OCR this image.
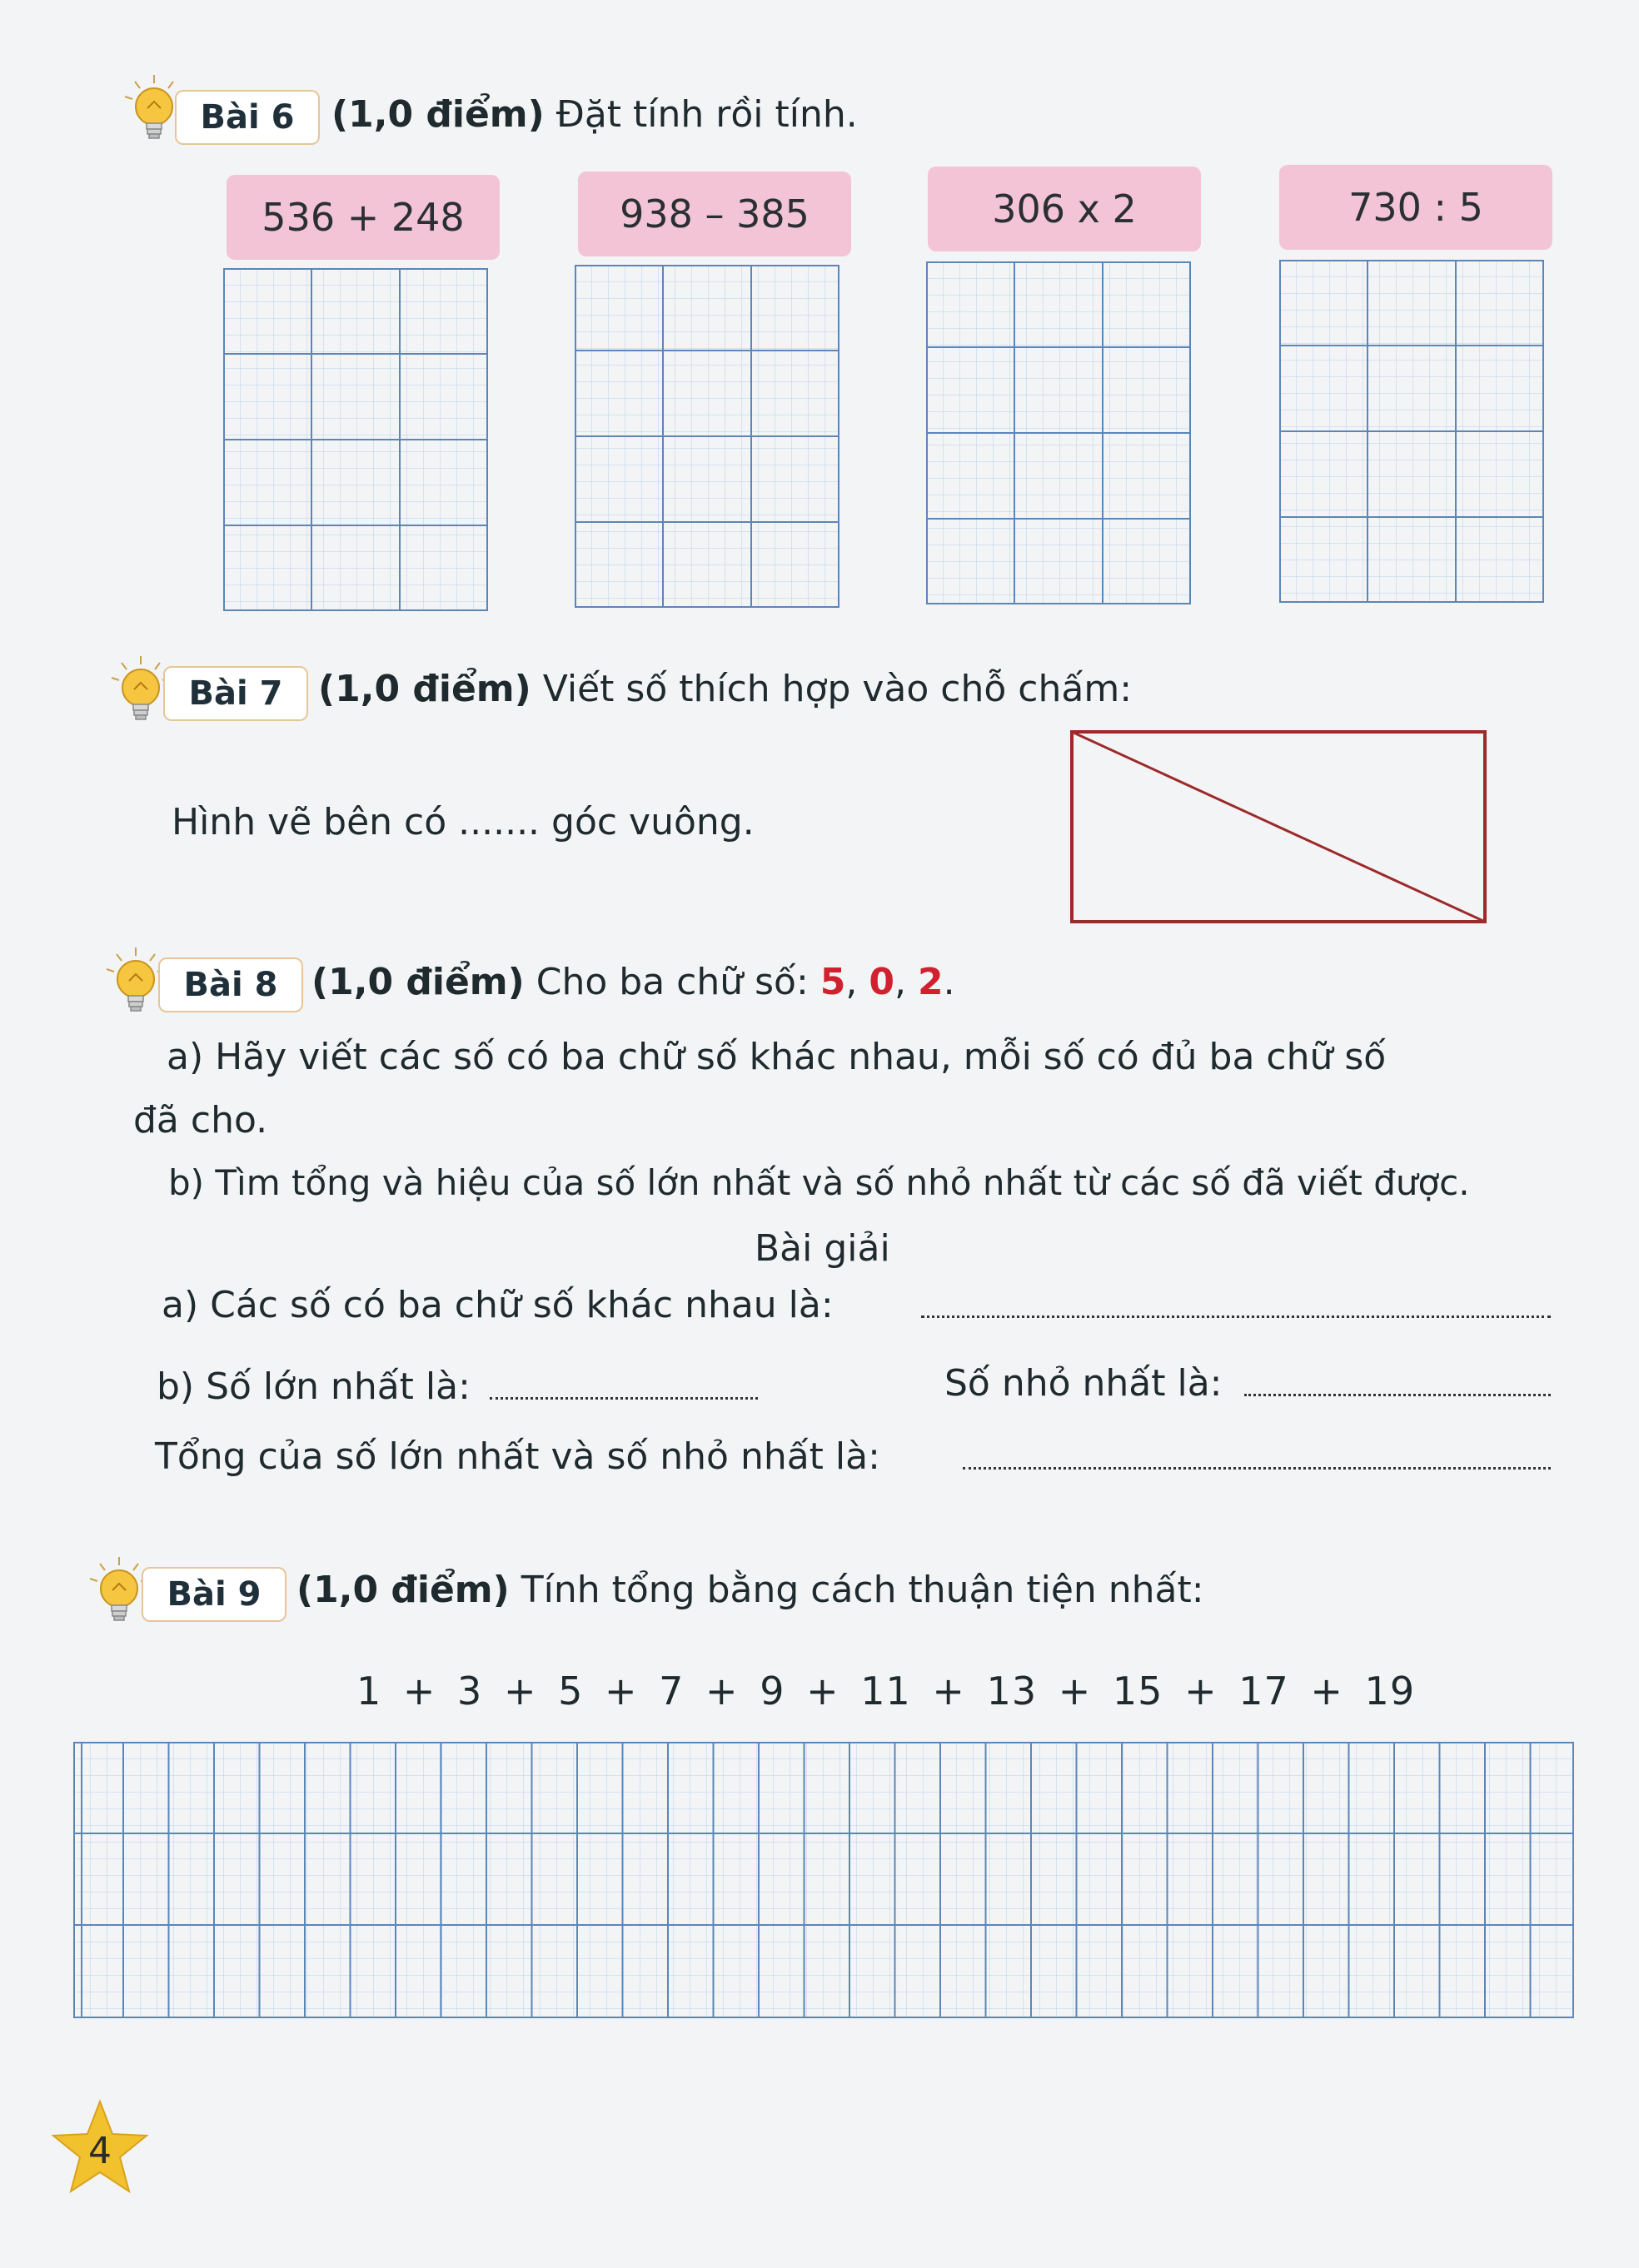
Bài 6	(1,0 điểm) Đặt tính rồi tính.
536 + 248	938 – 385	306 x 2	730 : 5
Bài 7 (1,0 điểm) Viết số thích hợp vào chỗ chấm:
Hình vẽ bên có ....... góc vuông.
Bài 8 (1,0 điểm) Cho ba chữ số: 5, 0, 2.
a) Hãy viết các số có ba chữ số khác nhau, mỗi số có đủ ba chữ số
đã cho.
b) Tìm tổng và hiệu của số lớn nhất và số nhỏ nhất từ các số đã viết được.
Bài giải
a) Các số có ba chữ số khác nhau là:
b) Số lớn nhất là:	Số nhỏ nhất là:
Tổng của số lớn nhất và số nhỏ nhất là:
Bài 9 (1,0 điểm) Tính tổng bằng cách thuận tiện nhất:
1 + 3 + 5 + 7 + 9 + 11 + 13 + 15 + 17 + 19
4
